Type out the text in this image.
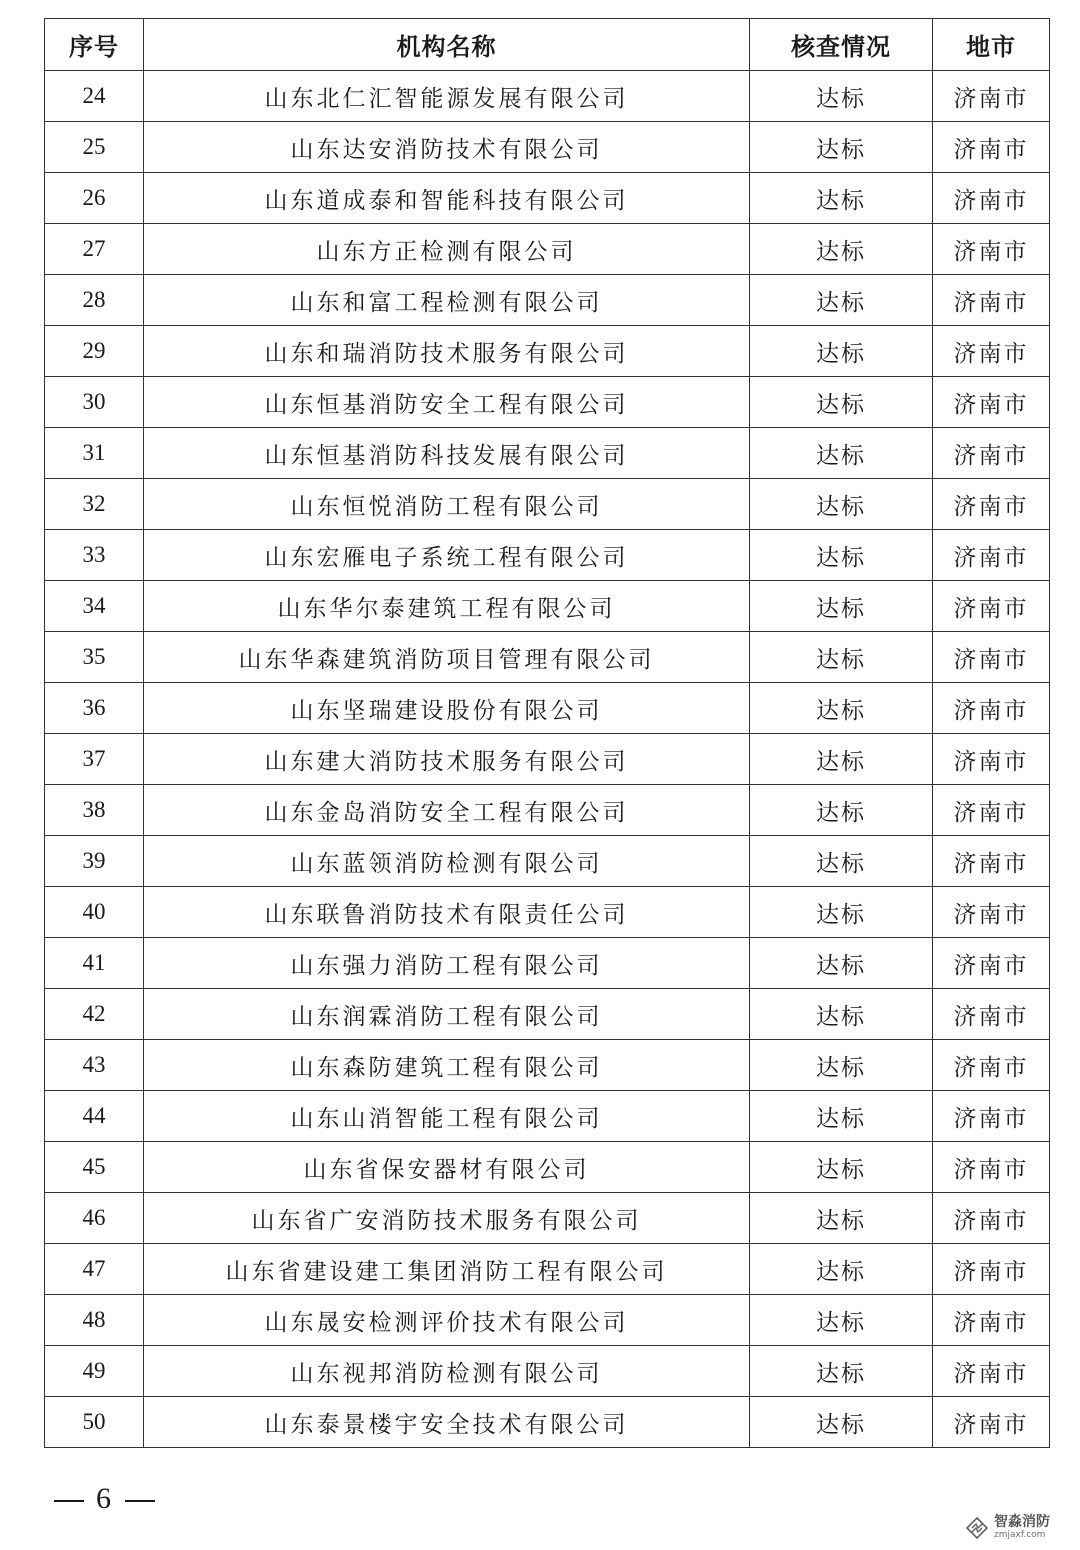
序号	机构名称	核查情况	地市
24	山东北仁汇智能源发展有限公司	达标	济南市
25	山东达安消防技术有限公司	达标	济南市
26	山东道成泰和智能科技有限公司	达标	济南市
27	山东方正检测有限公司	达标	济南市
28	山东和富工程检测有限公司	达标	济南市
29	山东和瑞消防技术服务有限公司	达标	济南市
30	山东恒基消防安全工程有限公司	达标	济南市
31	山东恒基消防科技发展有限公司	达标	济南市
32	山东恒悦消防工程有限公司	达标	济南市
33	山东宏雁电子系统工程有限公司	达标	济南市
34	山东华尔泰建筑工程有限公司	达标	济南市
35	山东华森建筑消防项目管理有限公司	达标	济南市
36	山东坚瑞建设股份有限公司	达标	济南市
37	山东建大消防技术服务有限公司	达标	济南市
38	山东金岛消防安全工程有限公司	达标	济南市
39	山东蓝领消防检测有限公司	达标	济南市
40	山东联鲁消防技术有限责任公司	达标	济南市
41	山东强力消防工程有限公司	达标	济南市
42	山东润霖消防工程有限公司	达标	济南市
43	山东森防建筑工程有限公司	达标	济南市
44	山东山消智能工程有限公司	达标	济南市
45	山东省保安器材有限公司	达标	济南市
46	山东省广安消防技术服务有限公司	达标	济南市
47	山东省建设建工集团消防工程有限公司	达标	济南市
48	山东晟安检测评价技术有限公司	达标	济南市
49	山东视邦消防检测有限公司	达标	济南市
50	山东泰景楼宇安全技术有限公司	达标	济南市
6
智淼消防
zmjaxf.com
